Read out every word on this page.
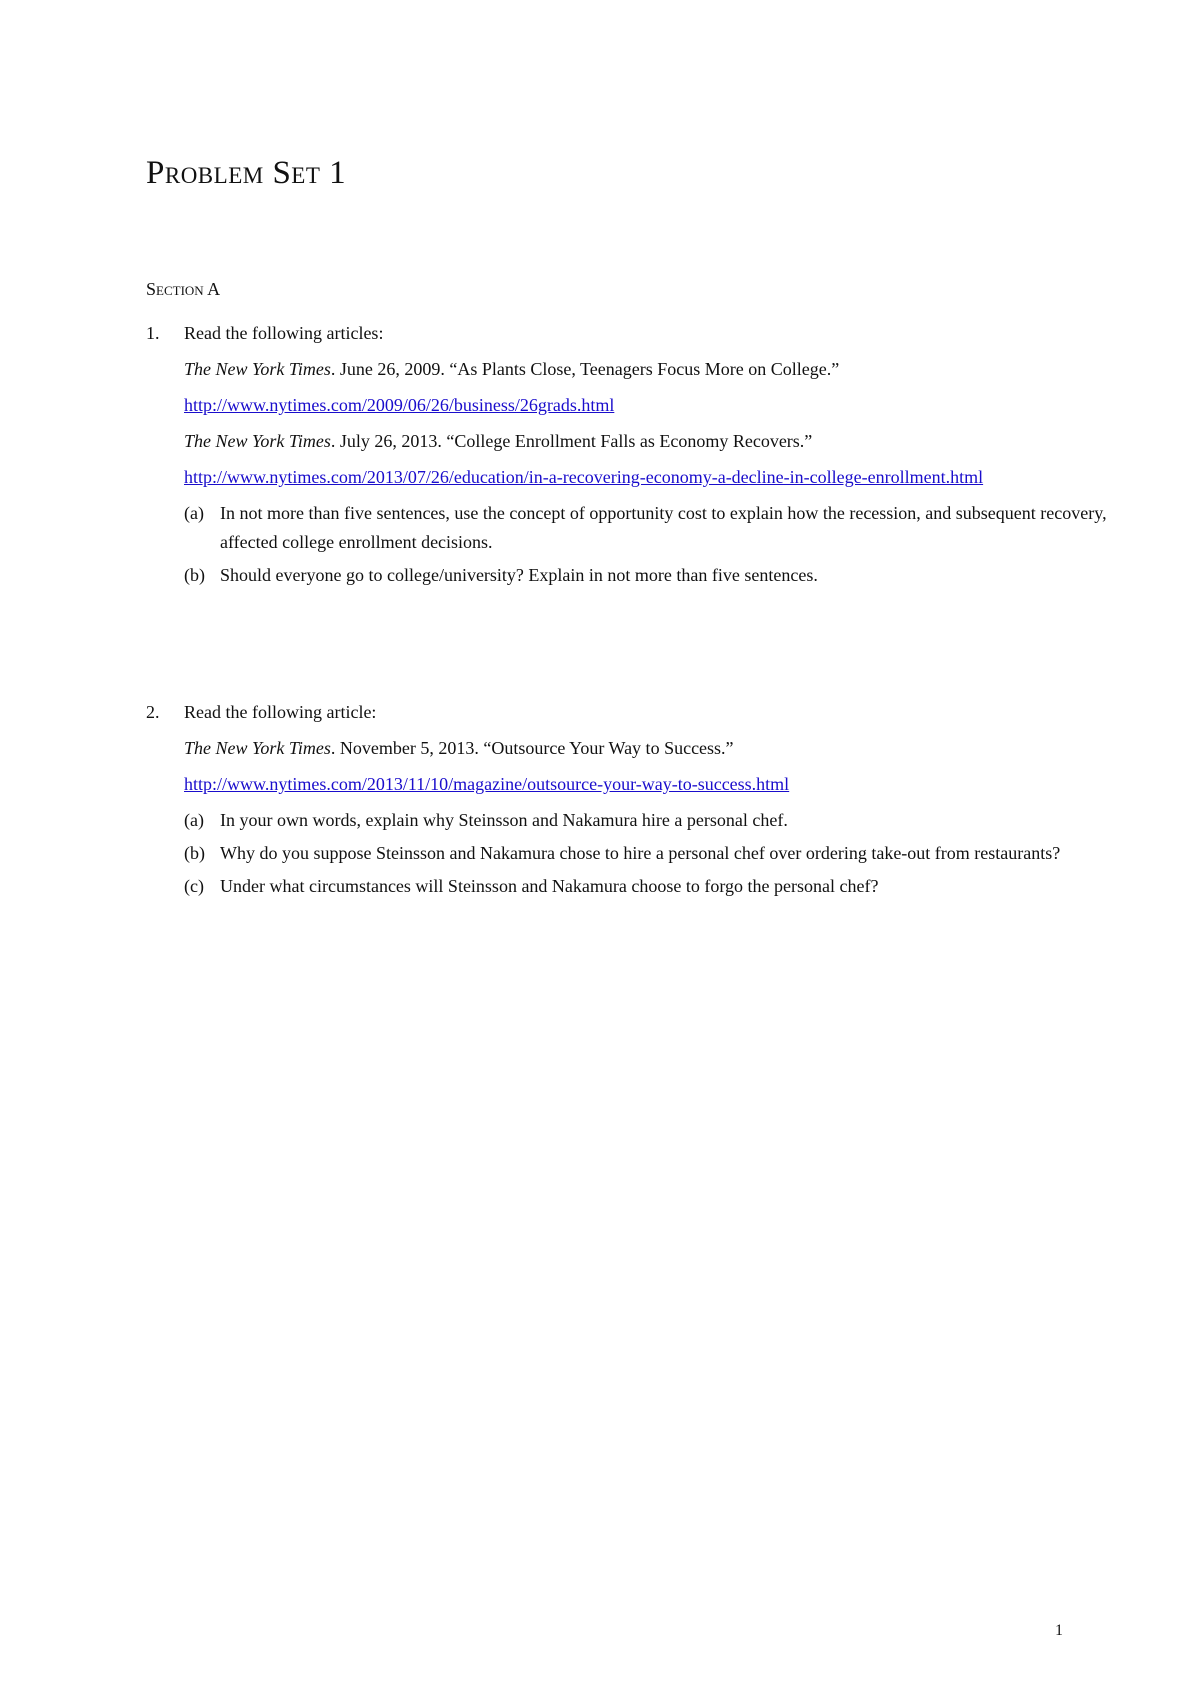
Problem Set 1
Section A
1. Read the following articles:
The New York Times. June 26, 2009. “As Plants Close, Teenagers Focus More on College.”
http://www.nytimes.com/2009/06/26/business/26grads.html
The New York Times. July 26, 2013. “College Enrollment Falls as Economy Recovers.”
http://www.nytimes.com/2013/07/26/education/in-a-recovering-economy-a-decline-in-college-enrollment.html
(a) In not more than five sentences, use the concept of opportunity cost to explain how the recession, and subsequent recovery, affected college enrollment decisions.
(b) Should everyone go to college/university? Explain in not more than five sentences.
2. Read the following article:
The New York Times. November 5, 2013. “Outsource Your Way to Success.”
http://www.nytimes.com/2013/11/10/magazine/outsource-your-way-to-success.html
(a) In your own words, explain why Steinsson and Nakamura hire a personal chef.
(b) Why do you suppose Steinsson and Nakamura chose to hire a personal chef over ordering take-out from restaurants?
(c) Under what circumstances will Steinsson and Nakamura choose to forgo the personal chef?
1
